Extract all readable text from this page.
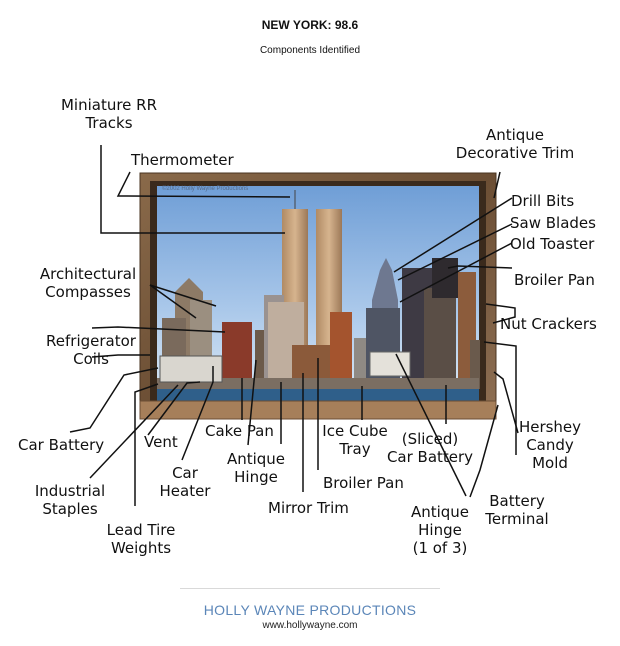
NEW YORK: 98.6
Components Identified
©2002 Holly Wayne Productions
Miniature RR
Tracks
Thermometer
Antique
Decorative Trim
Drill Bits
Saw Blades
Old Toaster
Broiler Pan
Architectural
Compasses
Nut Crackers
Refrigerator
Coils
Car Battery	Vent
Cake Pan	Ice Cube
Tray
(Sliced)
Car Battery
Hershey
Candy
Mold
Industrial
Staples
Car
Heater
Antique
Hinge	Broiler Pan
Battery
Terminal
Mirror Trim	Antique
Hinge
(1 of 3)
Lead Tire
Weights
HOLLY WAYNE PRODUCTIONS
www.hollywayne.com
